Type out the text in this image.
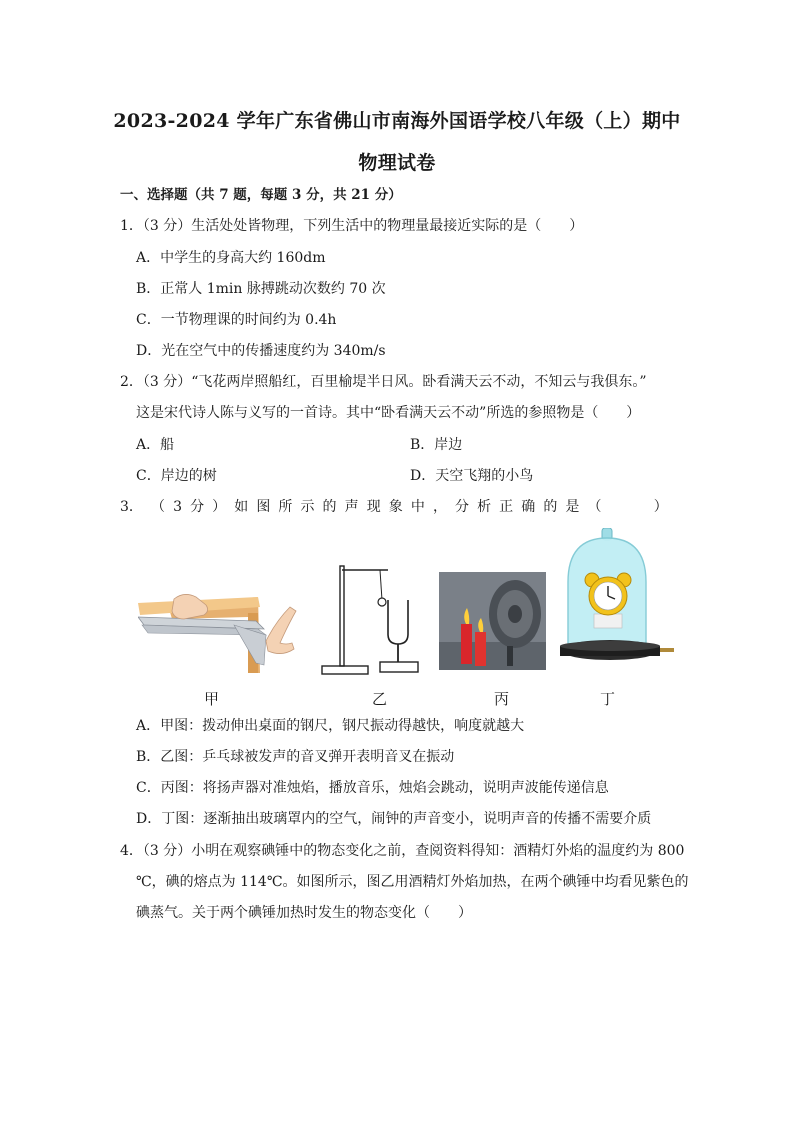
2023-2024 学年广东省佛山市南海外国语学校八年级（上）期中
物理试卷
一、选择题（共 7 题，每题 3 分，共 21 分）
1．（3 分）生活处处皆物理，下列生活中的物理量最接近实际的是（　　）
A．中学生的身高大约 160dm
B．正常人 1min 脉搏跳动次数约 70 次
C．一节物理课的时间约为 0.4h
D．光在空气中的传播速度约为 340m/s
2．（3 分）“飞花两岸照船红，百里榆堤半日风。卧看满天云不动，不知云与我俱东。”
这是宋代诗人陈与义写的一首诗。其中“卧看满天云不动”所选的参照物是（　　）
A．船	B．岸边
C．岸边的树	D．天空飞翔的小鸟
3． （ 3 分 ） 如 图 所 示 的 声 现 象 中 ， 分 析 正 确 的 是 （

　	）
甲	乙	丙	丁
A．甲图：拨动伸出桌面的钢尺，钢尺振动得越快，响度就越大
B．乙图：乒乓球被发声的音叉弹开表明音叉在振动
C．丙图：将扬声器对准烛焰，播放音乐，烛焰会跳动，说明声波能传递信息
D．丁图：逐渐抽出玻璃罩内的空气，闹钟的声音变小，说明声音的传播不需要介质
4．（3 分）小明在观察碘锤中的物态变化之前，查阅资料得知：酒精灯外焰的温度约为 800
℃，碘的熔点为 114℃。如图所示，图乙用酒精灯外焰加热，在两个碘锤中均看见紫色的
碘蒸气。关于两个碘锤加热时发生的物态变化（　　）
